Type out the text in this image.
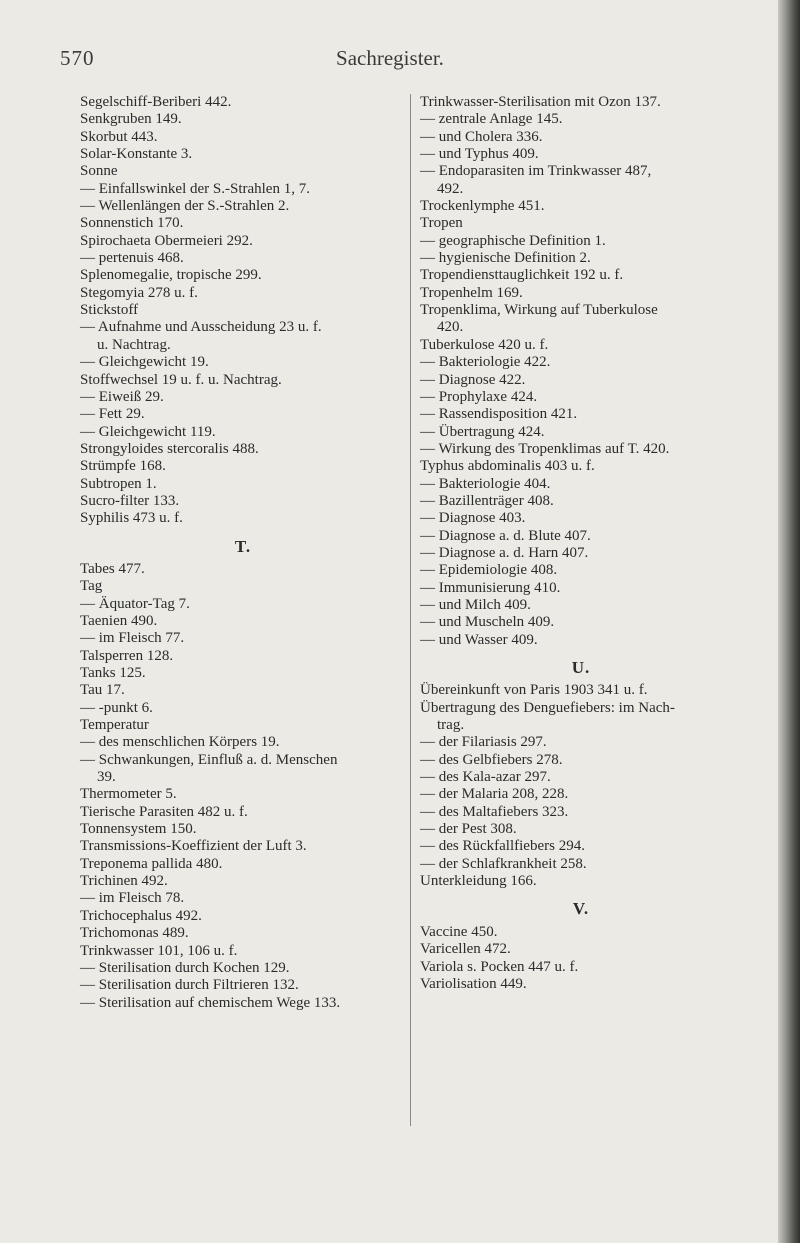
570	Sachregister.
Segelschiff-Beriberi 442.
Senkgruben 149.
Skorbut 443.
Solar-Konstante 3.
Sonne
— Einfallswinkel der S.-Strahlen 1, 7.
— Wellenlängen der S.-Strahlen 2.
Sonnenstich 170.
Spirochaeta Obermeieri 292.
— pertenuis 468.
Splenomegalie, tropische 299.
Stegomyia 278 u. f.
Stickstoff
— Aufnahme und Ausscheidung 23 u. f.
u. Nachtrag.
— Gleichgewicht 19.
Stoffwechsel 19 u. f. u. Nachtrag.
— Eiweiß 29.
— Fett 29.
— Gleichgewicht 119.
Strongyloides stercoralis 488.
Strümpfe 168.
Subtropen 1.
Sucro-filter 133.
Syphilis 473 u. f.
T.
Tabes 477.
Tag
— Äquator-Tag 7.
Taenien 490.
— im Fleisch 77.
Talsperren 128.
Tanks 125.
Tau 17.
— -punkt 6.
Temperatur
— des menschlichen Körpers 19.
— Schwankungen, Einfluß a. d. Menschen
39.
Thermometer 5.
Tierische Parasiten 482 u. f.
Tonnensystem 150.
Transmissions-Koeffizient der Luft 3.
Treponema pallida 480.
Trichinen 492.
— im Fleisch 78.
Trichocephalus 492.
Trichomonas 489.
Trinkwasser 101, 106 u. f.
— Sterilisation durch Kochen 129.
— Sterilisation durch Filtrieren 132.
— Sterilisation auf chemischem Wege 133.
Trinkwasser-Sterilisation mit Ozon 137.
— zentrale Anlage 145.
— und Cholera 336.
— und Typhus 409.
— Endoparasiten im Trinkwasser 487,
492.
Trockenlymphe 451.
Tropen
— geographische Definition 1.
— hygienische Definition 2.
Tropendiensttauglichkeit 192 u. f.
Tropenhelm 169.
Tropenklima, Wirkung auf Tuberkulose
420.
Tuberkulose 420 u. f.
— Bakteriologie 422.
— Diagnose 422.
— Prophylaxe 424.
— Rassendisposition 421.
— Übertragung 424.
— Wirkung des Tropenklimas auf T. 420.
Typhus abdominalis 403 u. f.
— Bakteriologie 404.
— Bazillenträger 408.
— Diagnose 403.
— Diagnose a. d. Blute 407.
— Diagnose a. d. Harn 407.
— Epidemiologie 408.
— Immunisierung 410.
— und Milch 409.
— und Muscheln 409.
— und Wasser 409.
U.
Übereinkunft von Paris 1903 341 u. f.
Übertragung des Denguefiebers: im Nach-
trag.
— der Filariasis 297.
— des Gelbfiebers 278.
— des Kala-azar 297.
— der Malaria 208, 228.
— des Maltafiebers 323.
— der Pest 308.
— des Rückfallfiebers 294.
— der Schlafkrankheit 258.
Unterkleidung 166.
V.
Vaccine 450.
Varicellen 472.
Variola s. Pocken 447 u. f.
Variolisation 449.
